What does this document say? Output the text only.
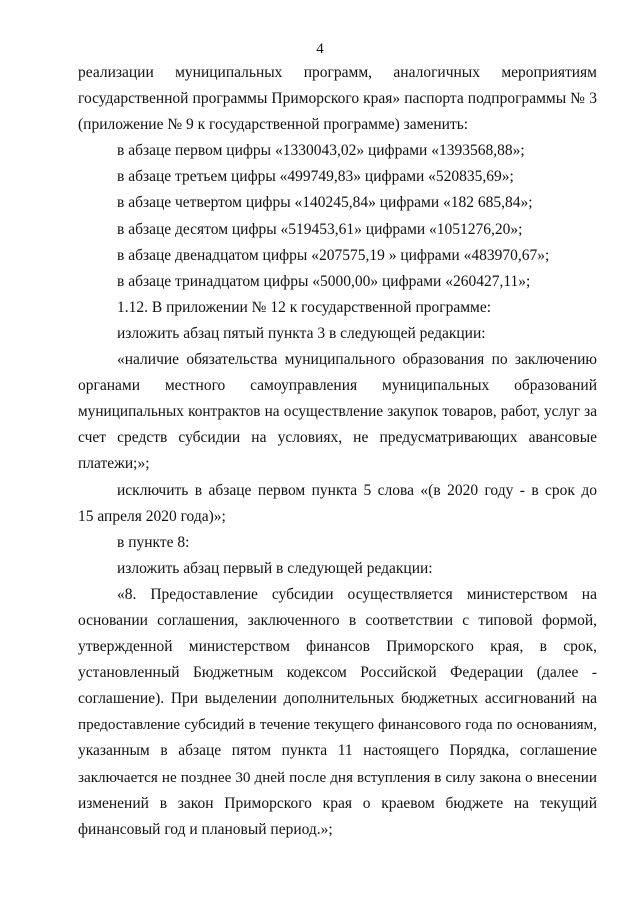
4
реализации муниципальных программ, аналогичных мероприятиям
государственной программы Приморского края» паспорта подпрограммы № 3
(приложение № 9 к государственной программе) заменить:
в абзаце первом цифры «1330043,02» цифрами «1393568,88»;
в абзаце третьем цифры «499749,83» цифрами «520835,69»;
в абзаце четвертом цифры «140245,84» цифрами «182 685,84»;
в абзаце десятом цифры «519453,61» цифрами «1051276,20»;
в абзаце двенадцатом цифры «207575,19 » цифрами «483970,67»;
в абзаце тринадцатом цифры «5000,00» цифрами «260427,11»;
1.12. В приложении № 12 к государственной программе:
изложить абзац пятый пункта 3 в следующей редакции:
«наличие обязательства муниципального образования по заключению
органами местного самоуправления муниципальных образований
муниципальных контрактов на осуществление закупок товаров, работ, услуг за
счет средств субсидии на условиях, не предусматривающих авансовые
платежи;»;
исключить в абзаце первом пункта 5 слова «(в 2020 году - в срок до
15 апреля 2020 года)»;
в пункте 8:
изложить абзац первый в следующей редакции:
«8. Предоставление субсидии осуществляется министерством на
основании соглашения, заключенного в соответствии с типовой формой,
утвержденной министерством финансов Приморского края, в срок,
установленный Бюджетным кодексом Российской Федерации (далее -
соглашение). При выделении дополнительных бюджетных ассигнований на
предоставление субсидий в течение текущего финансового года по основаниям,
указанным в абзаце пятом пункта 11 настоящего Порядка, соглашение
заключается не позднее 30 дней после дня вступления в силу закона о внесении
изменений в закон Приморского края о краевом бюджете на текущий
финансовый год и плановый период.»;
